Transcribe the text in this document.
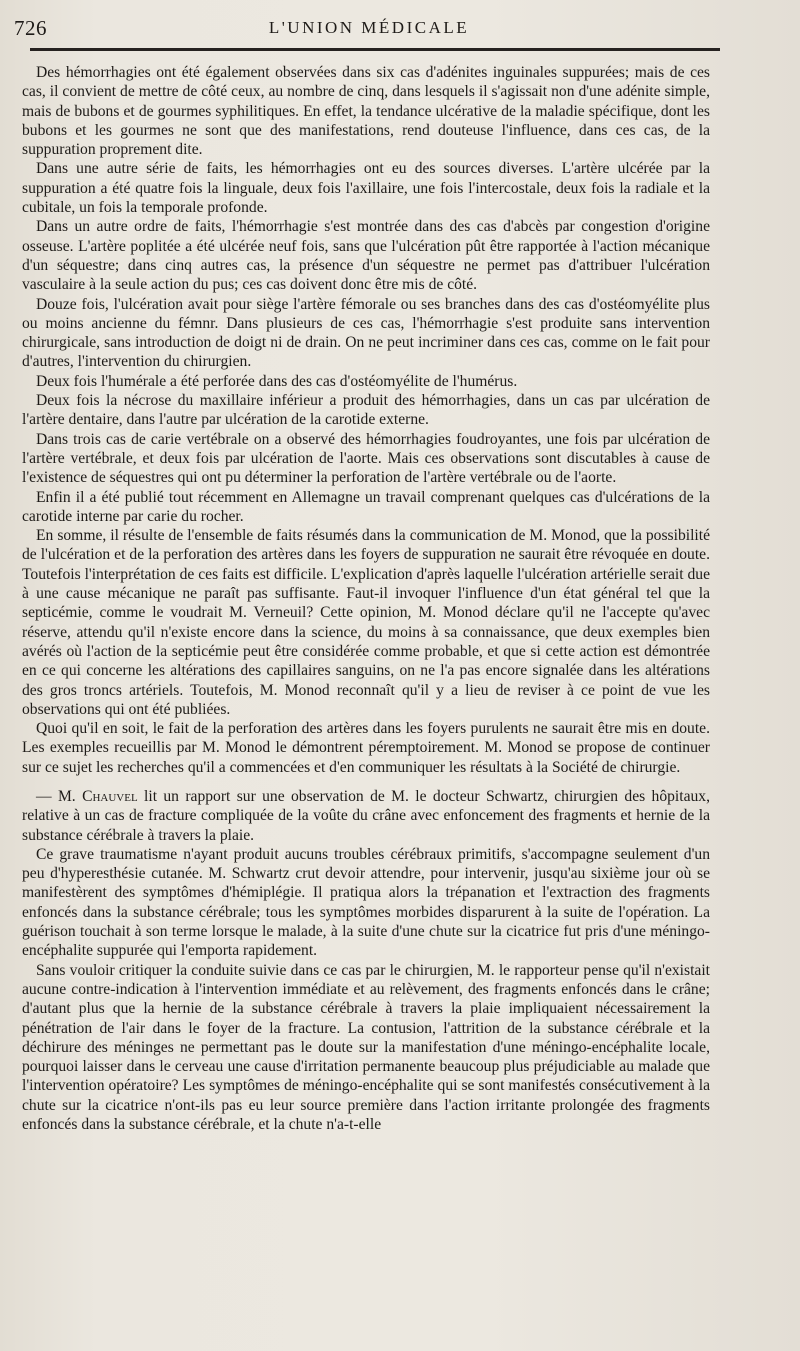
726	L'UNION MÉDICALE

Des hémorrhagies ont été également observées dans six cas d'adénites inguinales suppurées; mais de ces cas, il convient de mettre de côté ceux, au nombre de cinq, dans lesquels il s'agissait non d'une adénite simple, mais de bubons et de gourmes syphilitiques. En effet, la tendance ulcérative de la maladie spécifique, dont les bubons et les gourmes ne sont que des manifestations, rend douteuse l'influence, dans ces cas, de la suppuration proprement dite.

Dans une autre série de faits, les hémorrhagies ont eu des sources diverses. L'artère ulcérée par la suppuration a été quatre fois la linguale, deux fois l'axillaire, une fois l'intercostale, deux fois la radiale et la cubitale, un fois la temporale profonde.

Dans un autre ordre de faits, l'hémorrhagie s'est montrée dans des cas d'abcès par congestion d'origine osseuse. L'artère poplitée a été ulcérée neuf fois, sans que l'ulcération pût être rapportée à l'action mécanique d'un séquestre; dans cinq autres cas, la présence d'un séquestre ne permet pas d'attribuer l'ulcération vasculaire à la seule action du pus; ces cas doivent donc être mis de côté.

Douze fois, l'ulcération avait pour siège l'artère fémorale ou ses branches dans des cas d'ostéomyélite plus ou moins ancienne du fémnr. Dans plusieurs de ces cas, l'hémorrhagie s'est produite sans intervention chirurgicale, sans introduction de doigt ni de drain. On ne peut incriminer dans ces cas, comme on le fait pour d'autres, l'intervention du chirurgien.

Deux fois l'humérale a été perforée dans des cas d'ostéomyélite de l'humérus.

Deux fois la nécrose du maxillaire inférieur a produit des hémorrhagies, dans un cas par ulcération de l'artère dentaire, dans l'autre par ulcération de la carotide externe.

Dans trois cas de carie vertébrale on a observé des hémorrhagies foudroyantes, une fois par ulcération de l'artère vertébrale, et deux fois par ulcération de l'aorte. Mais ces observations sont discutables à cause de l'existence de séquestres qui ont pu déterminer la perforation de l'artère vertébrale ou de l'aorte.

Enfin il a été publié tout récemment en Allemagne un travail comprenant quelques cas d'ulcérations de la carotide interne par carie du rocher.

En somme, il résulte de l'ensemble de faits résumés dans la communication de M. Monod, que la possibilité de l'ulcération et de la perforation des artères dans les foyers de suppuration ne saurait être révoquée en doute. Toutefois l'interprétation de ces faits est difficile. L'explication d'après laquelle l'ulcération artérielle serait due à une cause mécanique ne paraît pas suffisante. Faut-il invoquer l'influence d'un état général tel que la septicémie, comme le voudrait M. Verneuil? Cette opinion, M. Monod déclare qu'il ne l'accepte qu'avec réserve, attendu qu'il n'existe encore dans la science, du moins à sa connaissance, que deux exemples bien avérés où l'action de la septicémie peut être considérée comme probable, et que si cette action est démontrée en ce qui concerne les altérations des capillaires sanguins, on ne l'a pas encore signalée dans les altérations des gros troncs artériels. Toutefois, M. Monod reconnaît qu'il y a lieu de reviser à ce point de vue les observations qui ont été publiées.

Quoi qu'il en soit, le fait de la perforation des artères dans les foyers purulents ne saurait être mis en doute. Les exemples recueillis par M. Monod le démontrent péremptoirement. M. Monod se propose de continuer sur ce sujet les recherches qu'il a commencées et d'en communiquer les résultats à la Société de chirurgie.

— M. Chauvel lit un rapport sur une observation de M. le docteur Schwartz, chirurgien des hôpitaux, relative à un cas de fracture compliquée de la voûte du crâne avec enfoncement des fragments et hernie de la substance cérébrale à travers la plaie.

Ce grave traumatisme n'ayant produit aucuns troubles cérébraux primitifs, s'accompagne seulement d'un peu d'hyperesthésie cutanée. M. Schwartz crut devoir attendre, pour intervenir, jusqu'au sixième jour où se manifestèrent des symptômes d'hémiplégie. Il pratiqua alors la trépanation et l'extraction des fragments enfoncés dans la substance cérébrale; tous les symptômes morbides disparurent à la suite de l'opération. La guérison touchait à son terme lorsque le malade, à la suite d'une chute sur la cicatrice fut pris d'une méningo-encéphalite suppurée qui l'emporta rapidement.

Sans vouloir critiquer la conduite suivie dans ce cas par le chirurgien, M. le rapporteur pense qu'il n'existait aucune contre-indication à l'intervention immédiate et au relèvement, des fragments enfoncés dans le crâne; d'autant plus que la hernie de la substance cérébrale à travers la plaie impliquaient nécessairement la pénétration de l'air dans le foyer de la fracture. La contusion, l'attrition de la substance cérébrale et la déchirure des méninges ne permettant pas le doute sur la manifestation d'une méningo-encéphalite locale, pourquoi laisser dans le cerveau une cause d'irritation permanente beaucoup plus préjudiciable au malade que l'intervention opératoire? Les symptômes de méningo-encéphalite qui se sont manifestés consécutivement à la chute sur la cicatrice n'ont-ils pas eu leur source première dans l'action irritante prolongée des fragments enfoncés dans la substance cérébrale, et la chute n'a-t-elle
